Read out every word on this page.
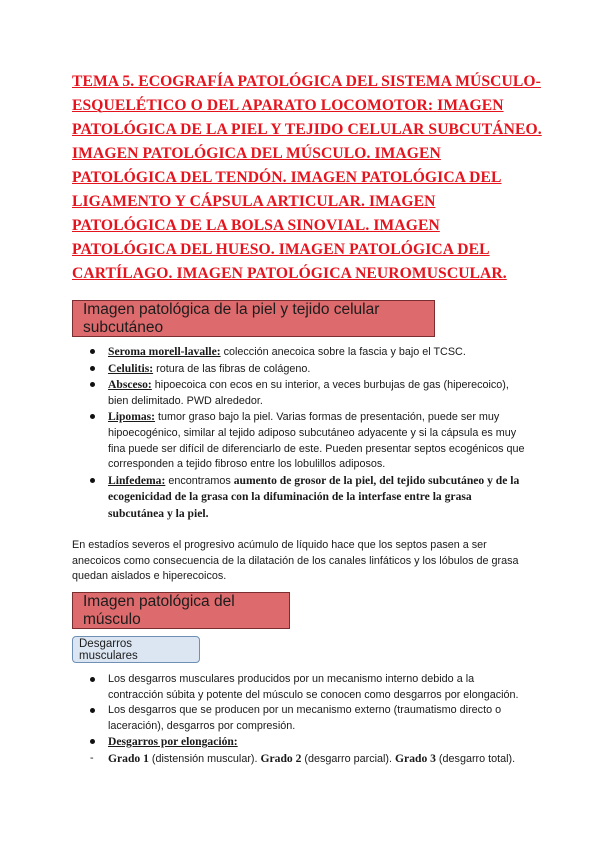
TEMA 5. ECOGRAFÍA PATOLÓGICA DEL SISTEMA MÚSCULO-ESQUELÉTICO O DEL APARATO LOCOMOTOR: IMAGEN PATOLÓGICA DE LA PIEL Y TEJIDO CELULAR SUBCUTÁNEO. IMAGEN PATOLÓGICA DEL MÚSCULO. IMAGEN PATOLÓGICA DEL TENDÓN. IMAGEN PATOLÓGICA DEL LIGAMENTO Y CÁPSULA ARTICULAR. IMAGEN PATOLÓGICA DE LA BOLSA SINOVIAL. IMAGEN PATOLÓGICA DEL HUESO. IMAGEN PATOLÓGICA DEL CARTÍLAGO. IMAGEN PATOLÓGICA NEUROMUSCULAR.
Imagen patológica de la piel y tejido celular subcutáneo
Seroma morell-lavalle: colección anecoica sobre la fascia y bajo el TCSC.
Celulitis: rotura de las fibras de colágeno.
Absceso: hipoecoica con ecos en su interior, a veces burbujas de gas (hiperecoico), bien delimitado. PWD alrededor.
Lipomas: tumor graso bajo la piel. Varias formas de presentación, puede ser muy hipoecogénico, similar al tejido adiposo subcutáneo adyacente y si la cápsula es muy fina puede ser difícil de diferenciarlo de este. Pueden presentar septos ecogénicos que corresponden a tejido fibroso entre los lobulillos adiposos.
Linfedema: encontramos aumento de grosor de la piel, del tejido subcutáneo y de la ecogenicidad de la grasa con la difuminación de la interfase entre la grasa subcutánea y la piel.
En estadíos severos el progresivo acúmulo de líquido hace que los septos pasen a ser anecoicos como consecuencia de la dilatación de los canales linfáticos y los lóbulos de grasa quedan aislados e hiperecoicos.
Imagen patológica del músculo
Desgarros musculares
Los desgarros musculares producidos por un mecanismo interno debido a la contracción súbita y potente del músculo se conocen como desgarros por elongación.
Los desgarros que se producen por un mecanismo externo (traumatismo directo o laceración), desgarros por compresión.
Desgarros por elongación:
- Grado 1 (distensión muscular). Grado 2 (desgarro parcial). Grado 3 (desgarro total).
